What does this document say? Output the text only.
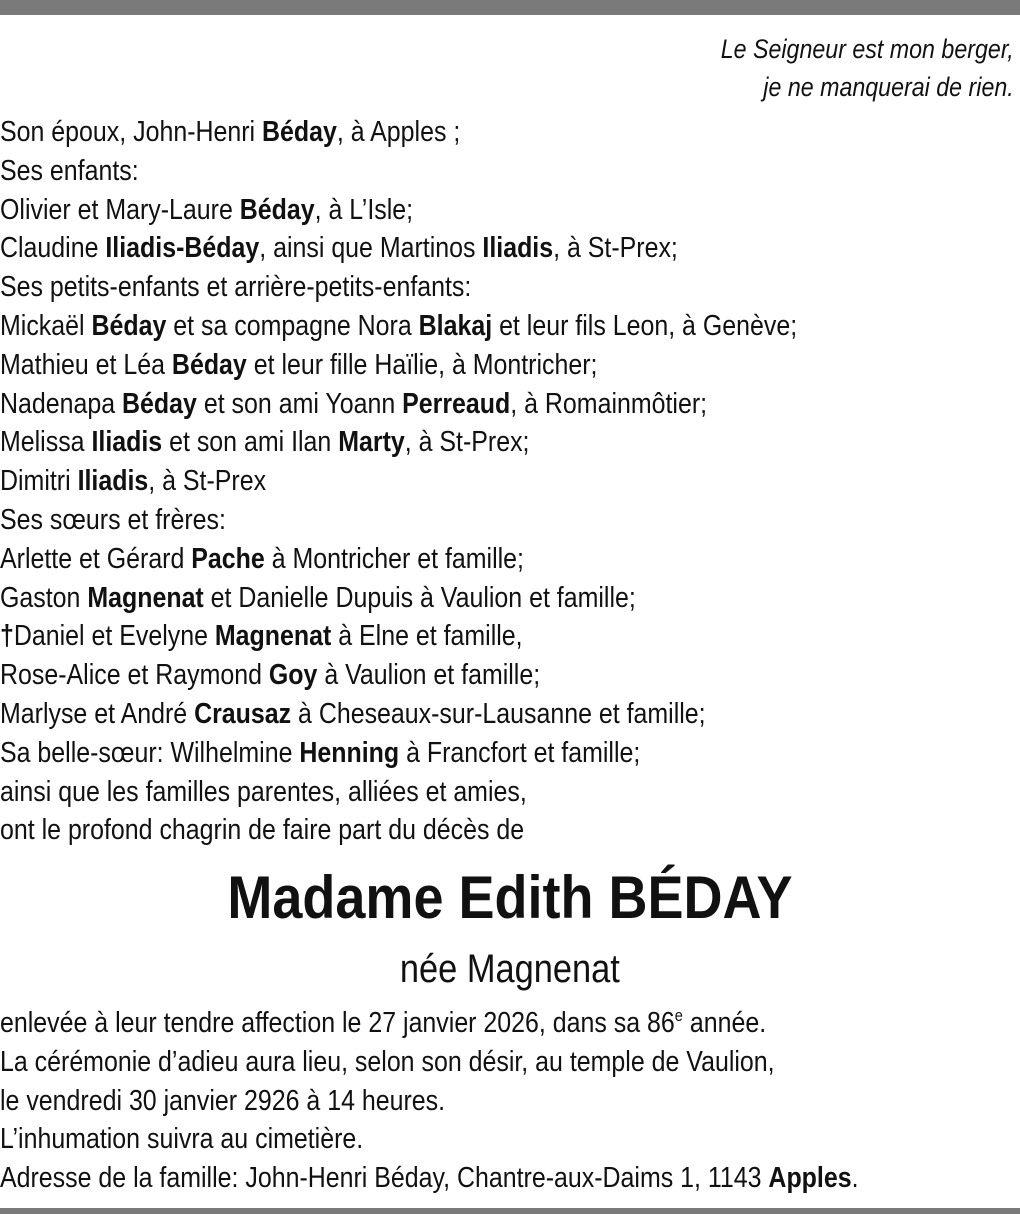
Le Seigneur est mon berger,
je ne manquerai de rien.
Son époux, John-Henri Béday, à Apples ;
Ses enfants:
Olivier et Mary-Laure Béday, à L’Isle;
Claudine Iliadis-Béday, ainsi que Martinos Iliadis, à St-Prex;
Ses petits-enfants et arrière-petits-enfants:
Mickaël Béday et sa compagne Nora Blakaj et leur fils Leon, à Genève;
Mathieu et Léa Béday et leur fille Haïlie, à Montricher;
Nadenapa Béday et son ami Yoann Perreaud, à Romainmôtier;
Melissa Iliadis et son ami Ilan Marty, à St-Prex;
Dimitri Iliadis, à St-Prex
Ses sœurs et frères:
Arlette et Gérard Pache à Montricher et famille;
Gaston Magnenat et Danielle Dupuis à Vaulion et famille;
†Daniel et Evelyne Magnenat à Elne et famille,
Rose-Alice et Raymond Goy à Vaulion et famille;
Marlyse et André Crausaz à Cheseaux-sur-Lausanne et famille;
Sa belle-sœur: Wilhelmine Henning à Francfort et famille;
ainsi que les familles parentes, alliées et amies,
ont le profond chagrin de faire part du décès de
Madame Edith BÉDAY
née Magnenat
enlevée à leur tendre affection le 27 janvier 2026, dans sa 86e année.
La cérémonie d’adieu aura lieu, selon son désir, au temple de Vaulion,
le vendredi 30 janvier 2926 à 14 heures.
L’inhumation suivra au cimetière.
Adresse de la famille: John-Henri Béday, Chantre-aux-Daims 1, 1143 Apples.
